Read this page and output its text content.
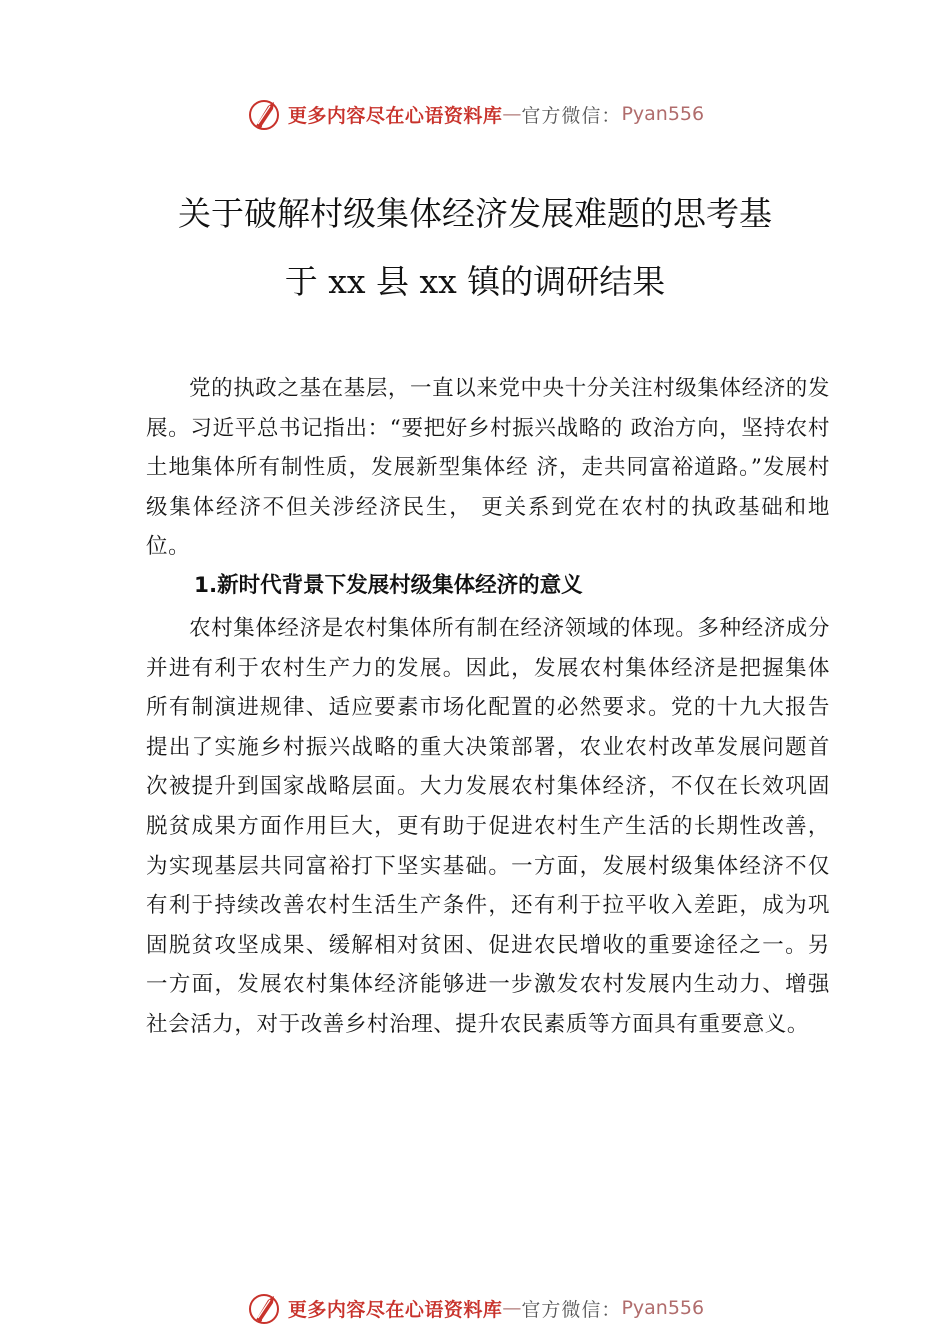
更多内容尽在心语资料库 — 官方微信： Pyan556
关于破解村级集体经济发展难题的思考基
于 xx 县 xx 镇的调研结果

党的执政之基在基层，一直以来党中央十分关注村级集体经济的发展。习近平总书记指出：“要把好乡村振兴战略的 政治方向，坚持农村土地集体所有制性质，发展新型集体经 济，走共同富裕道路。”发展村级集体经济不但关涉经济民生， 更关系到党在农村的执政基础和地位。

1.新时代背景下发展村级集体经济的意义

农村集体经济是农村集体所有制在经济领域的体现。多种经济成分并进有利于农村生产力的发展。因此，发展农村集体经济是把握集体所有制演进规律、适应要素市场化配置的必然要求。党的十九大报告提出了实施乡村振兴战略的重大决策部署，农业农村改革发展问题首次被提升到国家战略层面。大力发展农村集体经济，不仅在长效巩固脱贫成果方面作用巨大，更有助于促进农村生产生活的长期性改善，为实现基层共同富裕打下坚实基础。一方面，发展村级集体经济不仅有利于持续改善农村生活生产条件，还有利于拉平收入差距，成为巩固脱贫攻坚成果、缓解相对贫困、促进农民增收的重要途径之一。另一方面，发展农村集体经济能够进一步激发农村发展内生动力、增强社会活力，对于改善乡村治理、提升农民素质等方面具有重要意义。

更多内容尽在心语资料库 — 官方微信： Pyan556
